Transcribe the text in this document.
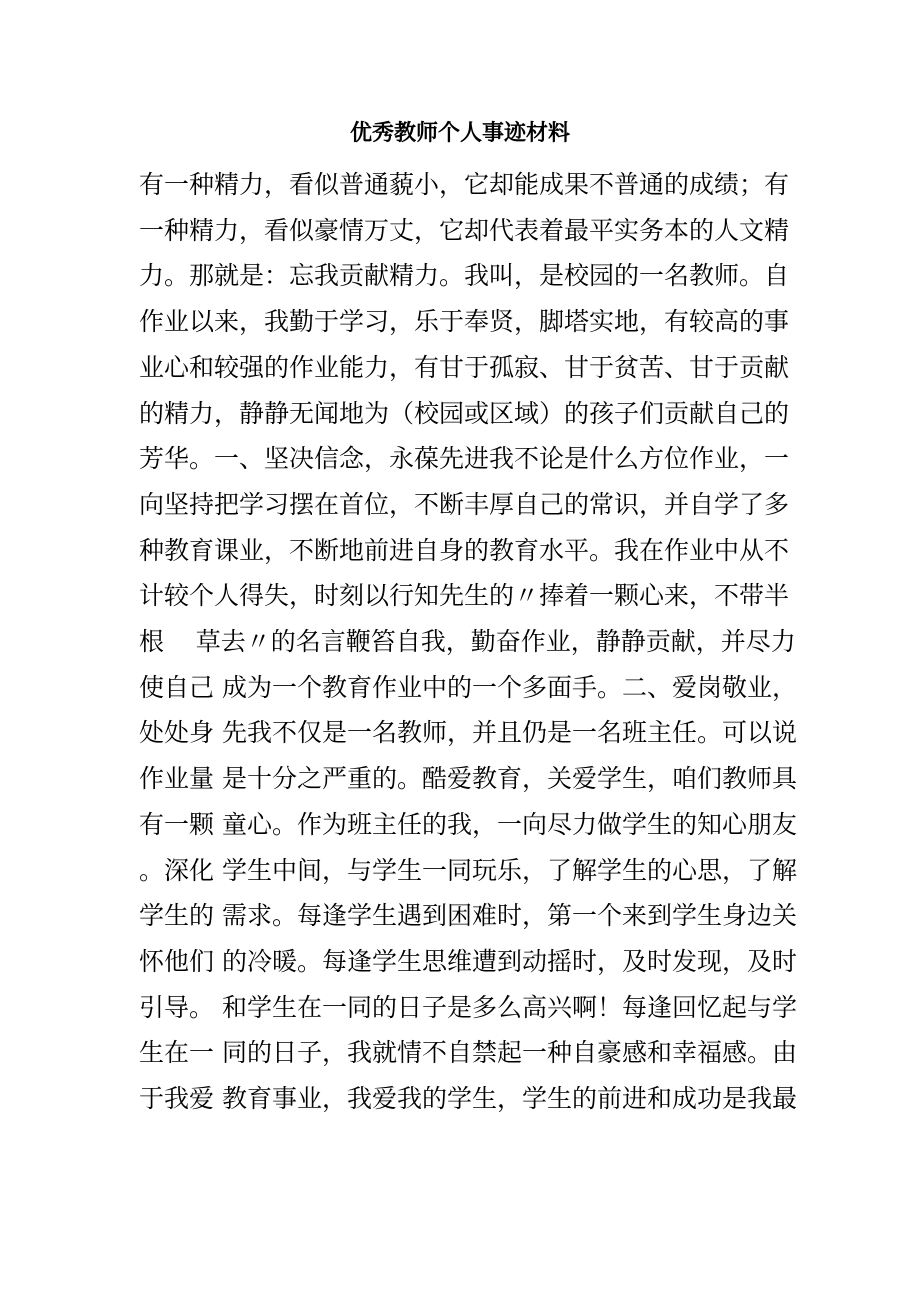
优秀教师个人事迹材料
有一种精力，看似普通藐小，它却能成果不普通的成绩；有
一种精力，看似豪情万丈，它却代表着最平实务本的人文精
力。那就是：忘我贡献精力。我叫，是校园的一名教师。自
作业以来，我勤于学习，乐于奉贤，脚塔实地，有较高的事
业心和较强的作业能力，有甘于孤寂、甘于贫苦、甘于贡献
的精力，静静无闻地为（校园或区域）的孩子们贡献自己的
芳华。一、坚决信念，永葆先进我不论是什么方位作业，一
向坚持把学习摆在首位，不断丰厚自己的常识，并自学了多
种教育课业，不断地前进自身的教育水平。我在作业中从不
计较个人得失，时刻以行知先生的〃捧着一颗心来，不带半
根    草去〃的名言鞭笞自我，勤奋作业，静静贡献，并尽力
使自己 成为一个教育作业中的一个多面手。二、爱岗敬业，
处处身 先我不仅是一名教师，并且仍是一名班主任。可以说
作业量 是十分之严重的。酷爱教育，关爱学生，咱们教师具
有一颗 童心。作为班主任的我，一向尽力做学生的知心朋友
。深化 学生中间，与学生一同玩乐，了解学生的心思，了解
学生的 需求。每逢学生遇到困难时，第一个来到学生身边关
怀他们 的冷暖。每逢学生思维遭到动摇时，及时发现，及时
引导。 和学生在一同的日子是多么高兴啊！每逢回忆起与学
生在一 同的日子，我就情不自禁起一种自豪感和幸福感。由
于我爱 教育事业，我爱我的学生，学生的前进和成功是我最
